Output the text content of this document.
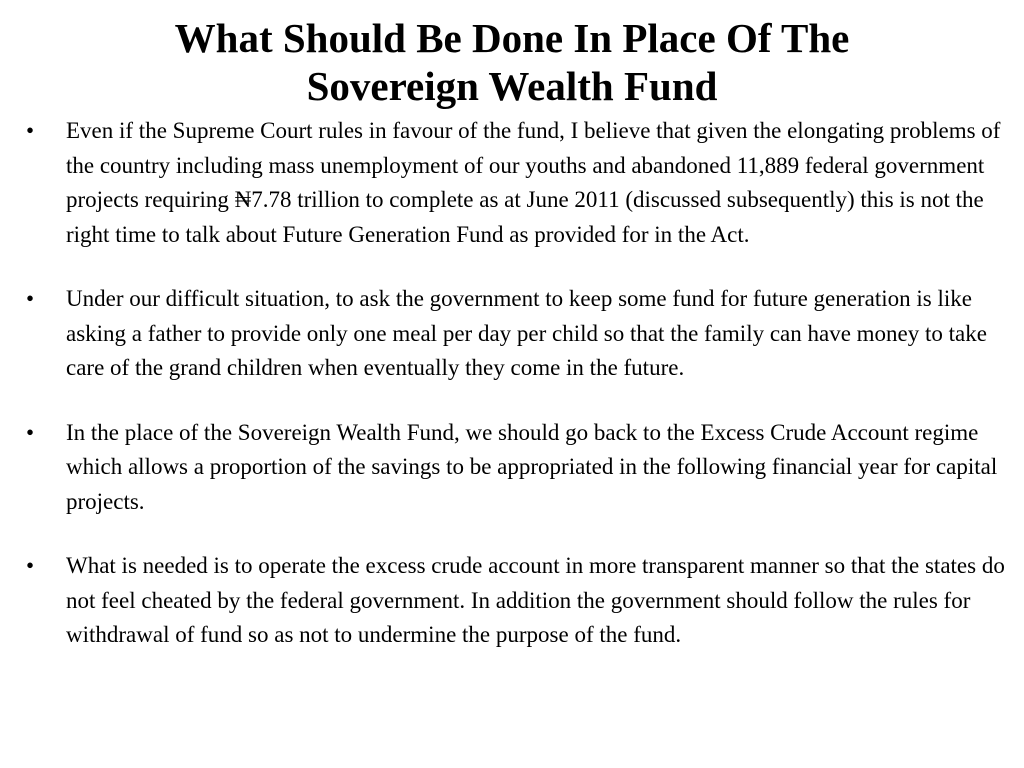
What Should Be Done In Place Of The
Sovereign Wealth Fund
• Even if the Supreme Court rules in favour of the fund, I believe that given the elongating problems of the country including mass unemployment of our youths and abandoned 11,889 federal government projects requiring ₦7.78 trillion to complete as at June 2011 (discussed subsequently) this is not the right time to talk about Future Generation Fund as provided for in the Act.
• Under our difficult situation, to ask the government to keep some fund for future generation is like asking a father to provide only one meal per day per child so that the family can have money to take care of the grand children when eventually they come in the future.
• In the place of the Sovereign Wealth Fund, we should go back to the Excess Crude Account regime which allows a proportion of the savings to be appropriated in the following financial year for capital projects.
• What is needed is to operate the excess crude account in more transparent manner so that the states do not feel cheated by the federal government. In addition the government should follow the rules for withdrawal of fund so as not to undermine the purpose of the fund.
